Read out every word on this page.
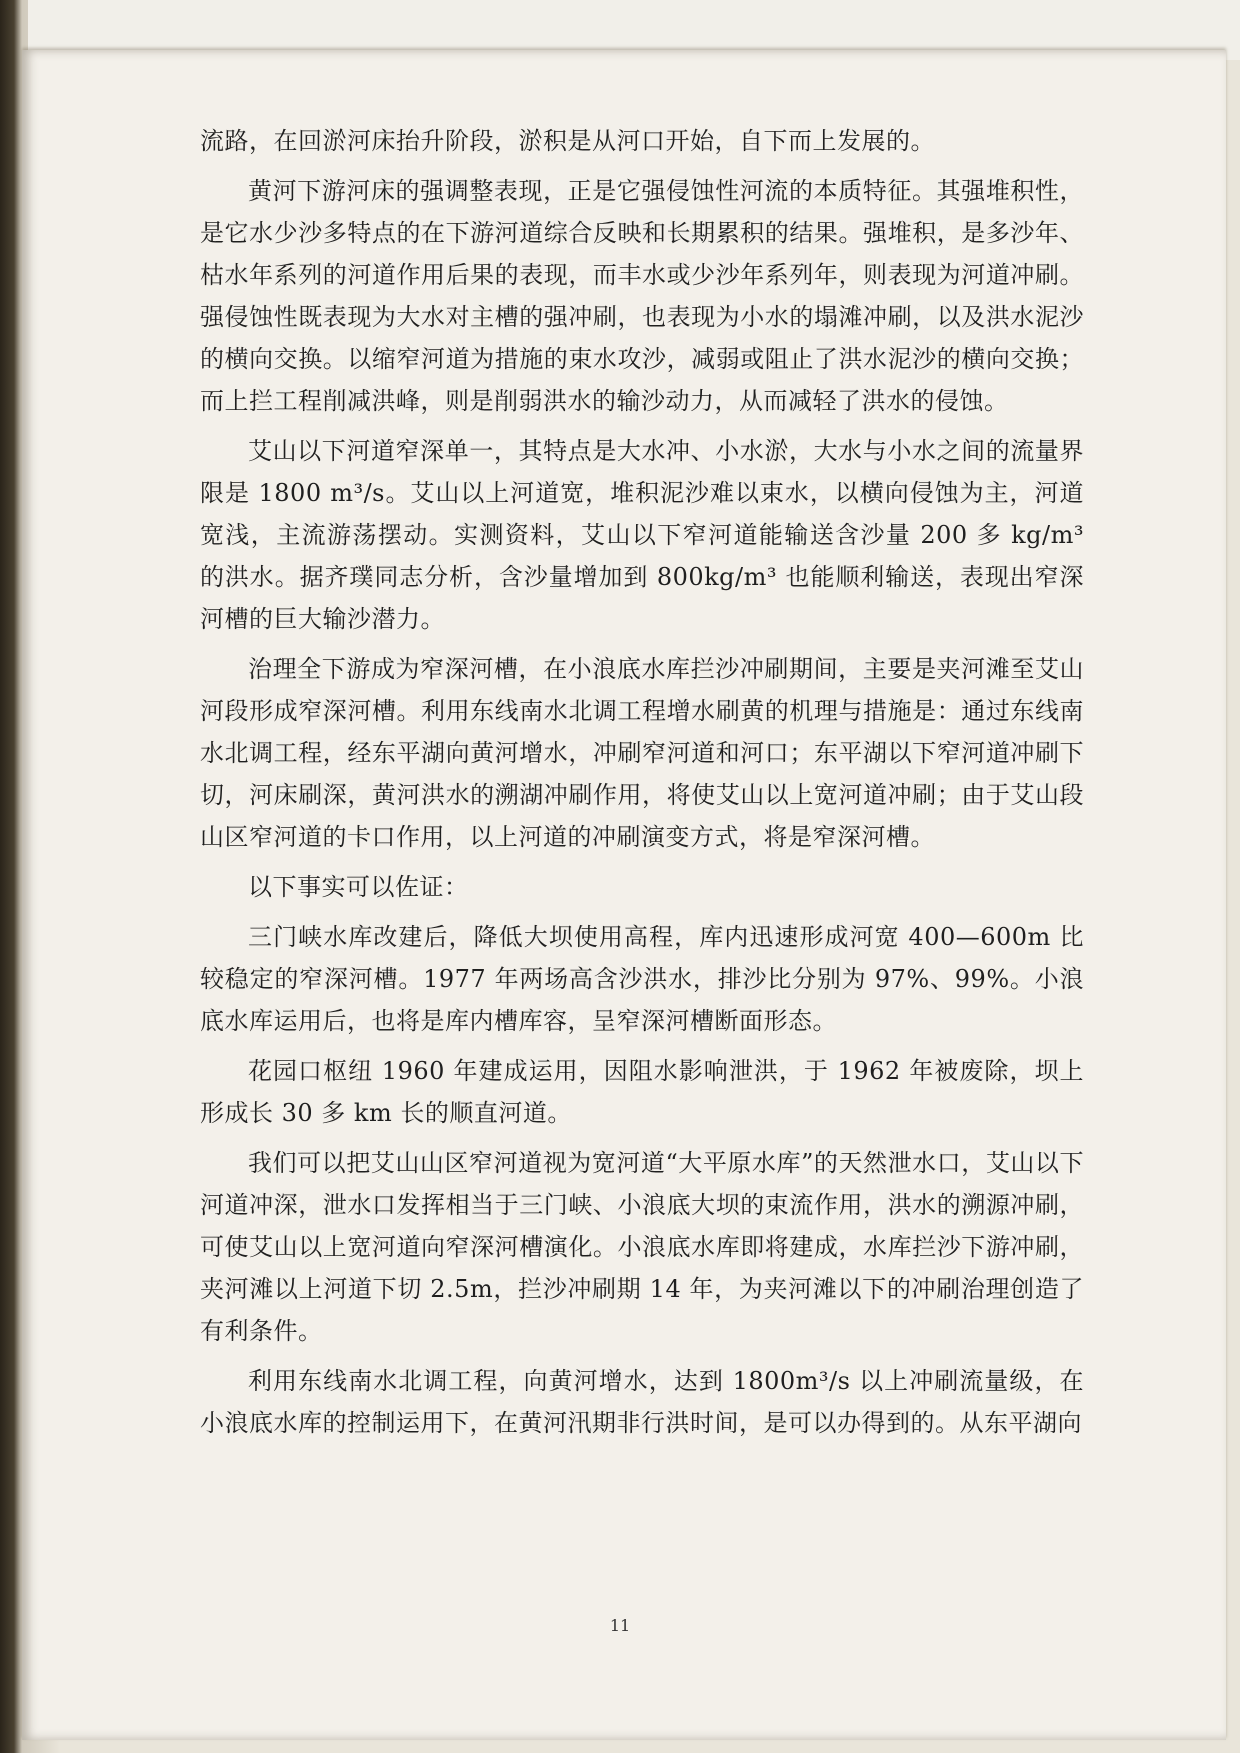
流路，在回淤河床抬升阶段，淤积是从河口开始，自下而上发展的。

黄河下游河床的强调整表现，正是它强侵蚀性河流的本质特征。其强堆积性，是它水少沙多特点的在下游河道综合反映和长期累积的结果。强堆积，是多沙年、枯水年系列的河道作用后果的表现，而丰水或少沙年系列年，则表现为河道冲刷。强侵蚀性既表现为大水对主槽的强冲刷，也表现为小水的塌滩冲刷，以及洪水泥沙的横向交换。以缩窄河道为措施的束水攻沙，减弱或阻止了洪水泥沙的横向交换；而上拦工程削减洪峰，则是削弱洪水的输沙动力，从而减轻了洪水的侵蚀。

艾山以下河道窄深单一，其特点是大水冲、小水淤，大水与小水之间的流量界限是 1800 m³/s。艾山以上河道宽，堆积泥沙难以束水，以横向侵蚀为主，河道宽浅，主流游荡摆动。实测资料，艾山以下窄河道能输送含沙量 200 多 kg/m³ 的洪水。据齐璞同志分析，含沙量增加到 800kg/m³ 也能顺利输送，表现出窄深河槽的巨大输沙潜力。

治理全下游成为窄深河槽，在小浪底水库拦沙冲刷期间，主要是夹河滩至艾山河段形成窄深河槽。利用东线南水北调工程增水刷黄的机理与措施是：通过东线南水北调工程，经东平湖向黄河增水，冲刷窄河道和河口；东平湖以下窄河道冲刷下切，河床刷深，黄河洪水的溯湖冲刷作用，将使艾山以上宽河道冲刷；由于艾山段山区窄河道的卡口作用，以上河道的冲刷演变方式，将是窄深河槽。

以下事实可以佐证：

三门峡水库改建后，降低大坝使用高程，库内迅速形成河宽 400—600m 比较稳定的窄深河槽。1977 年两场高含沙洪水，排沙比分别为 97%、99%。小浪底水库运用后，也将是库内槽库容，呈窄深河槽断面形态。

花园口枢纽 1960 年建成运用，因阻水影响泄洪，于 1962 年被废除，坝上形成长 30 多 km 长的顺直河道。

我们可以把艾山山区窄河道视为宽河道“大平原水库”的天然泄水口，艾山以下河道冲深，泄水口发挥相当于三门峡、小浪底大坝的束流作用，洪水的溯源冲刷，可使艾山以上宽河道向窄深河槽演化。小浪底水库即将建成，水库拦沙下游冲刷，夹河滩以上河道下切 2.5m，拦沙冲刷期 14 年，为夹河滩以下的冲刷治理创造了有利条件。

利用东线南水北调工程，向黄河增水，达到 1800m³/s 以上冲刷流量级，在小浪底水库的控制运用下，在黄河汛期非行洪时间，是可以办得到的。从东平湖向

11
